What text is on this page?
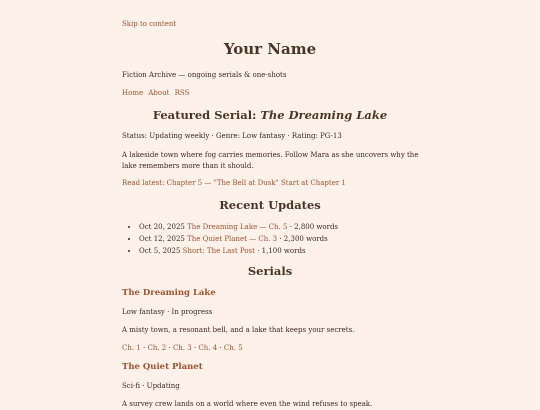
Skip to content
Your Name
Fiction Archive — ongoing serials & one-shots
Home About RSS
Featured Serial: The Dreaming Lake
Status: Updating weekly · Genre: Low fantasy · Rating: PG-13
A lakeside town where fog carries memories. Follow Mara as she uncovers why the lake remembers more than it should.
Read latest: Chapter 5 — "The Bell at Dusk" Start at Chapter 1
Recent Updates
• Oct 20, 2025 The Dreaming Lake — Ch. 5 · 2,800 words
• Oct 12, 2025 The Quiet Planet — Ch. 3 · 2,300 words
• Oct 5, 2025 Short: The Last Post · 1,100 words
Serials
The Dreaming Lake
Low fantasy · In progress
A misty town, a resonant bell, and a lake that keeps your secrets.
Ch. 1 · Ch. 2 · Ch. 3 · Ch. 4 · Ch. 5
The Quiet Planet
Sci-fi · Updating
A survey crew lands on a world where even the wind refuses to speak.
